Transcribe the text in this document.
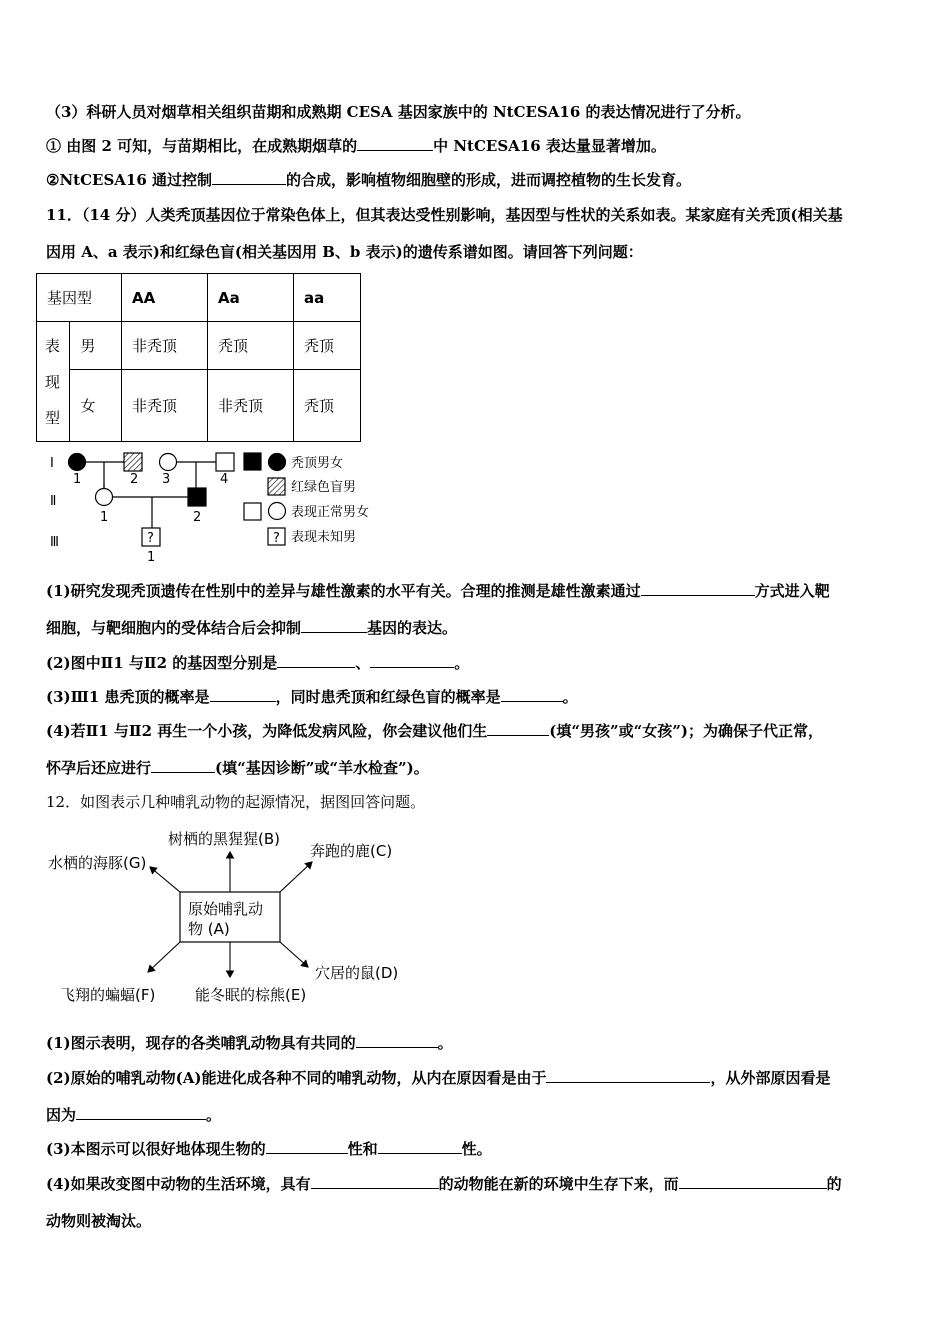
（3）科研人员对烟草相关组织苗期和成熟期 CESA 基因家族中的 NtCESA16 的表达情况进行了分析。
① 由图 2 可知，与苗期相比，在成熟期烟草的	中 NtCESA16 表达量显著增加。
②NtCESA16 通过控制	的合成，影响植物细胞壁的形成，进而调控植物的生长发育。
11．（14 分）人类秃顶基因位于常染色体上，但其表达受性别影响，基因型与性状的关系如表。某家庭有关秃顶(相关基
因用 A、a 表示)和红绿色盲(相关基因用 B、b 表示)的遗传系谱如图。请回答下列问题：
基因型		AA	Aa	aa
表
现
型	男	非秃顶	秃顶	秃顶
	女	非秃顶	非秃顶	秃顶
Ⅰ
Ⅱ
Ⅲ
1	2 3	4
1	2
?
1
?
秃顶男女
红绿色盲男
表现正常男女
表现未知男
(1)研究发现秃顶遗传在性别中的差异与雄性激素的水平有关。合理的推测是雄性激素通过	方式进入靶
细胞，与靶细胞内的受体结合后会抑制	基因的表达。
(2)图中Ⅱ1 与Ⅱ2 的基因型分别是	、	。
(3)Ⅲ1 患秃顶的概率是	，同时患秃顶和红绿色盲的概率是	。
(4)若Ⅱ1 与Ⅱ2 再生一个小孩，为降低发病风险，你会建议他们生	(填“男孩”或“女孩”)；为确保子代正常，
怀孕后还应进行	(填“基因诊断”或“羊水检查”)。
12．如图表示几种哺乳动物的起源情况，据图回答问题。
原始哺乳动
物 (A)
树栖的黑猩猩(B)
奔跑的鹿(C)
水栖的海豚(G)
穴居的鼠(D)
飞翔的蝙蝠(F)	能冬眠的棕熊(E)
(1)图示表明，现存的各类哺乳动物具有共同的	。
(2)原始的哺乳动物(A)能进化成各种不同的哺乳动物，从内在原因看是由于	，从外部原因看是
因为	。
(3)本图示可以很好地体现生物的	性和	性。
(4)如果改变图中动物的生活环境，具有	的动物能在新的环境中生存下来，而	的
动物则被淘汰。
